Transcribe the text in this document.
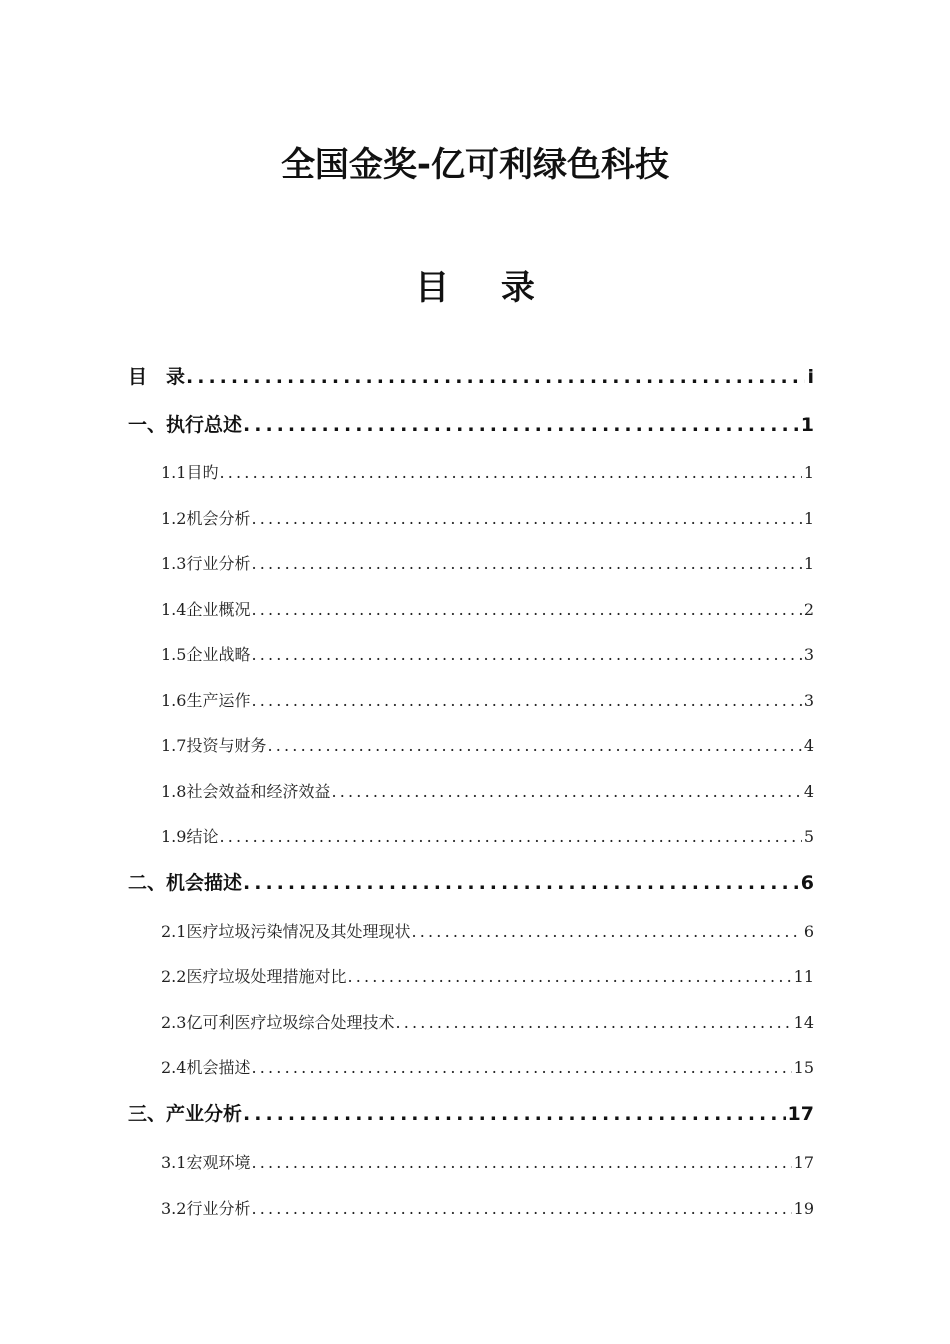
全国金奖-亿可利绿色科技
目 录
目　录 .....	i
一、执行总述 .....	1
1.1目旳 .....	1
1.2机会分析 .....	1
1.3行业分析 .....	1
1.4企业概况 .....	2
1.5企业战略 .....	3
1.6生产运作 .....	3
1.7投资与财务 .....	4
1.8社会效益和经济效益 .....	4
1.9结论 .....	5
二、机会描述 .....	6
2.1医疗垃圾污染情况及其处理现状 .....	6
2.2医疗垃圾处理措施对比 .....	11
2.3亿可利医疗垃圾综合处理技术 .....	14
2.4机会描述 .....	15
三、产业分析 .....	17
3.1宏观环境 .....	17
3.2行业分析 .....	19
